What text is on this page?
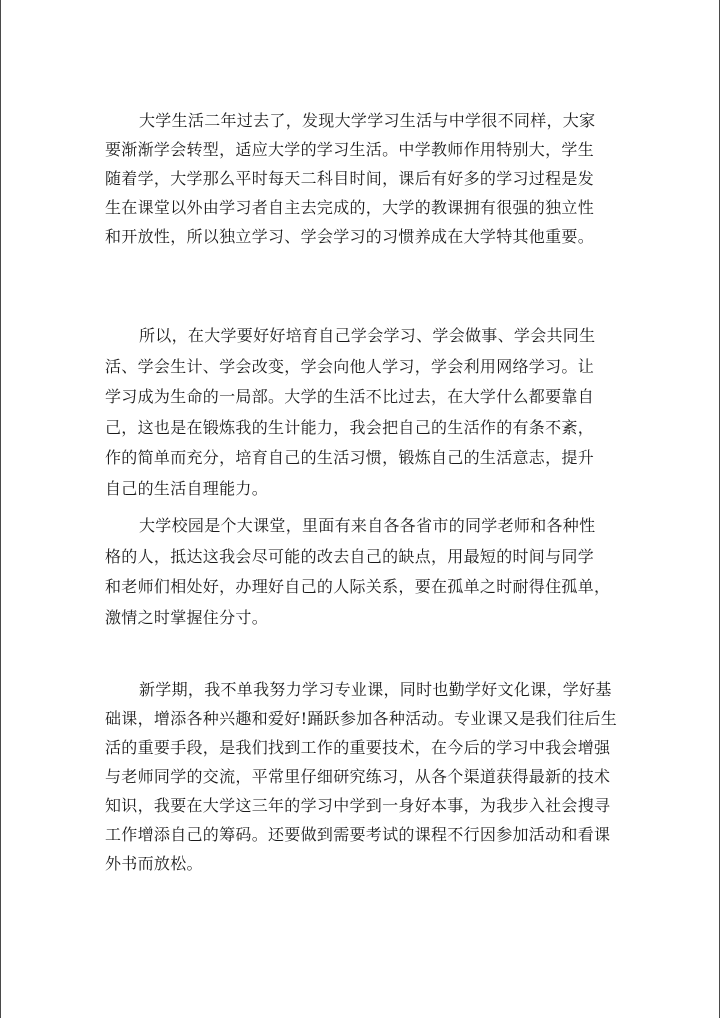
大学生活二年过去了，发现大学学习生活与中学很不同样，大家
要渐渐学会转型，适应大学的学习生活。中学教师作用特别大，学生
随着学，大学那么平时每天二科目时间，课后有好多的学习过程是发
生在课堂以外由学习者自主去完成的，大学的教课拥有很强的独立性
和开放性，所以独立学习、学会学习的习惯养成在大学特其他重要。
所以，在大学要好好培育自己学会学习、学会做事、学会共同生
活、学会生计、学会改变，学会向他人学习，学会利用网络学习。让
学习成为生命的一局部。大学的生活不比过去，在大学什么都要靠自
己，这也是在锻炼我的生计能力，我会把自己的生活作的有条不紊，
作的简单而充分，培育自己的生活习惯，锻炼自己的生活意志，提升
自己的生活自理能力。
大学校园是个大课堂，里面有来自各各省市的同学老师和各种性
格的人，抵达这我会尽可能的改去自己的缺点，用最短的时间与同学
和老师们相处好，办理好自己的人际关系，要在孤单之时耐得住孤单，
激情之时掌握住分寸。
新学期，我不单我努力学习专业课，同时也勤学好文化课，学好基
础课，增添各种兴趣和爱好!踊跃参加各种活动。专业课又是我们往后生
活的重要手段，是我们找到工作的重要技术，在今后的学习中我会增强
与老师同学的交流，平常里仔细研究练习，从各个渠道获得最新的技术
知识，我要在大学这三年的学习中学到一身好本事，为我步入社会搜寻
工作增添自己的筹码。还要做到需要考试的课程不行因参加活动和看课
外书而放松。
